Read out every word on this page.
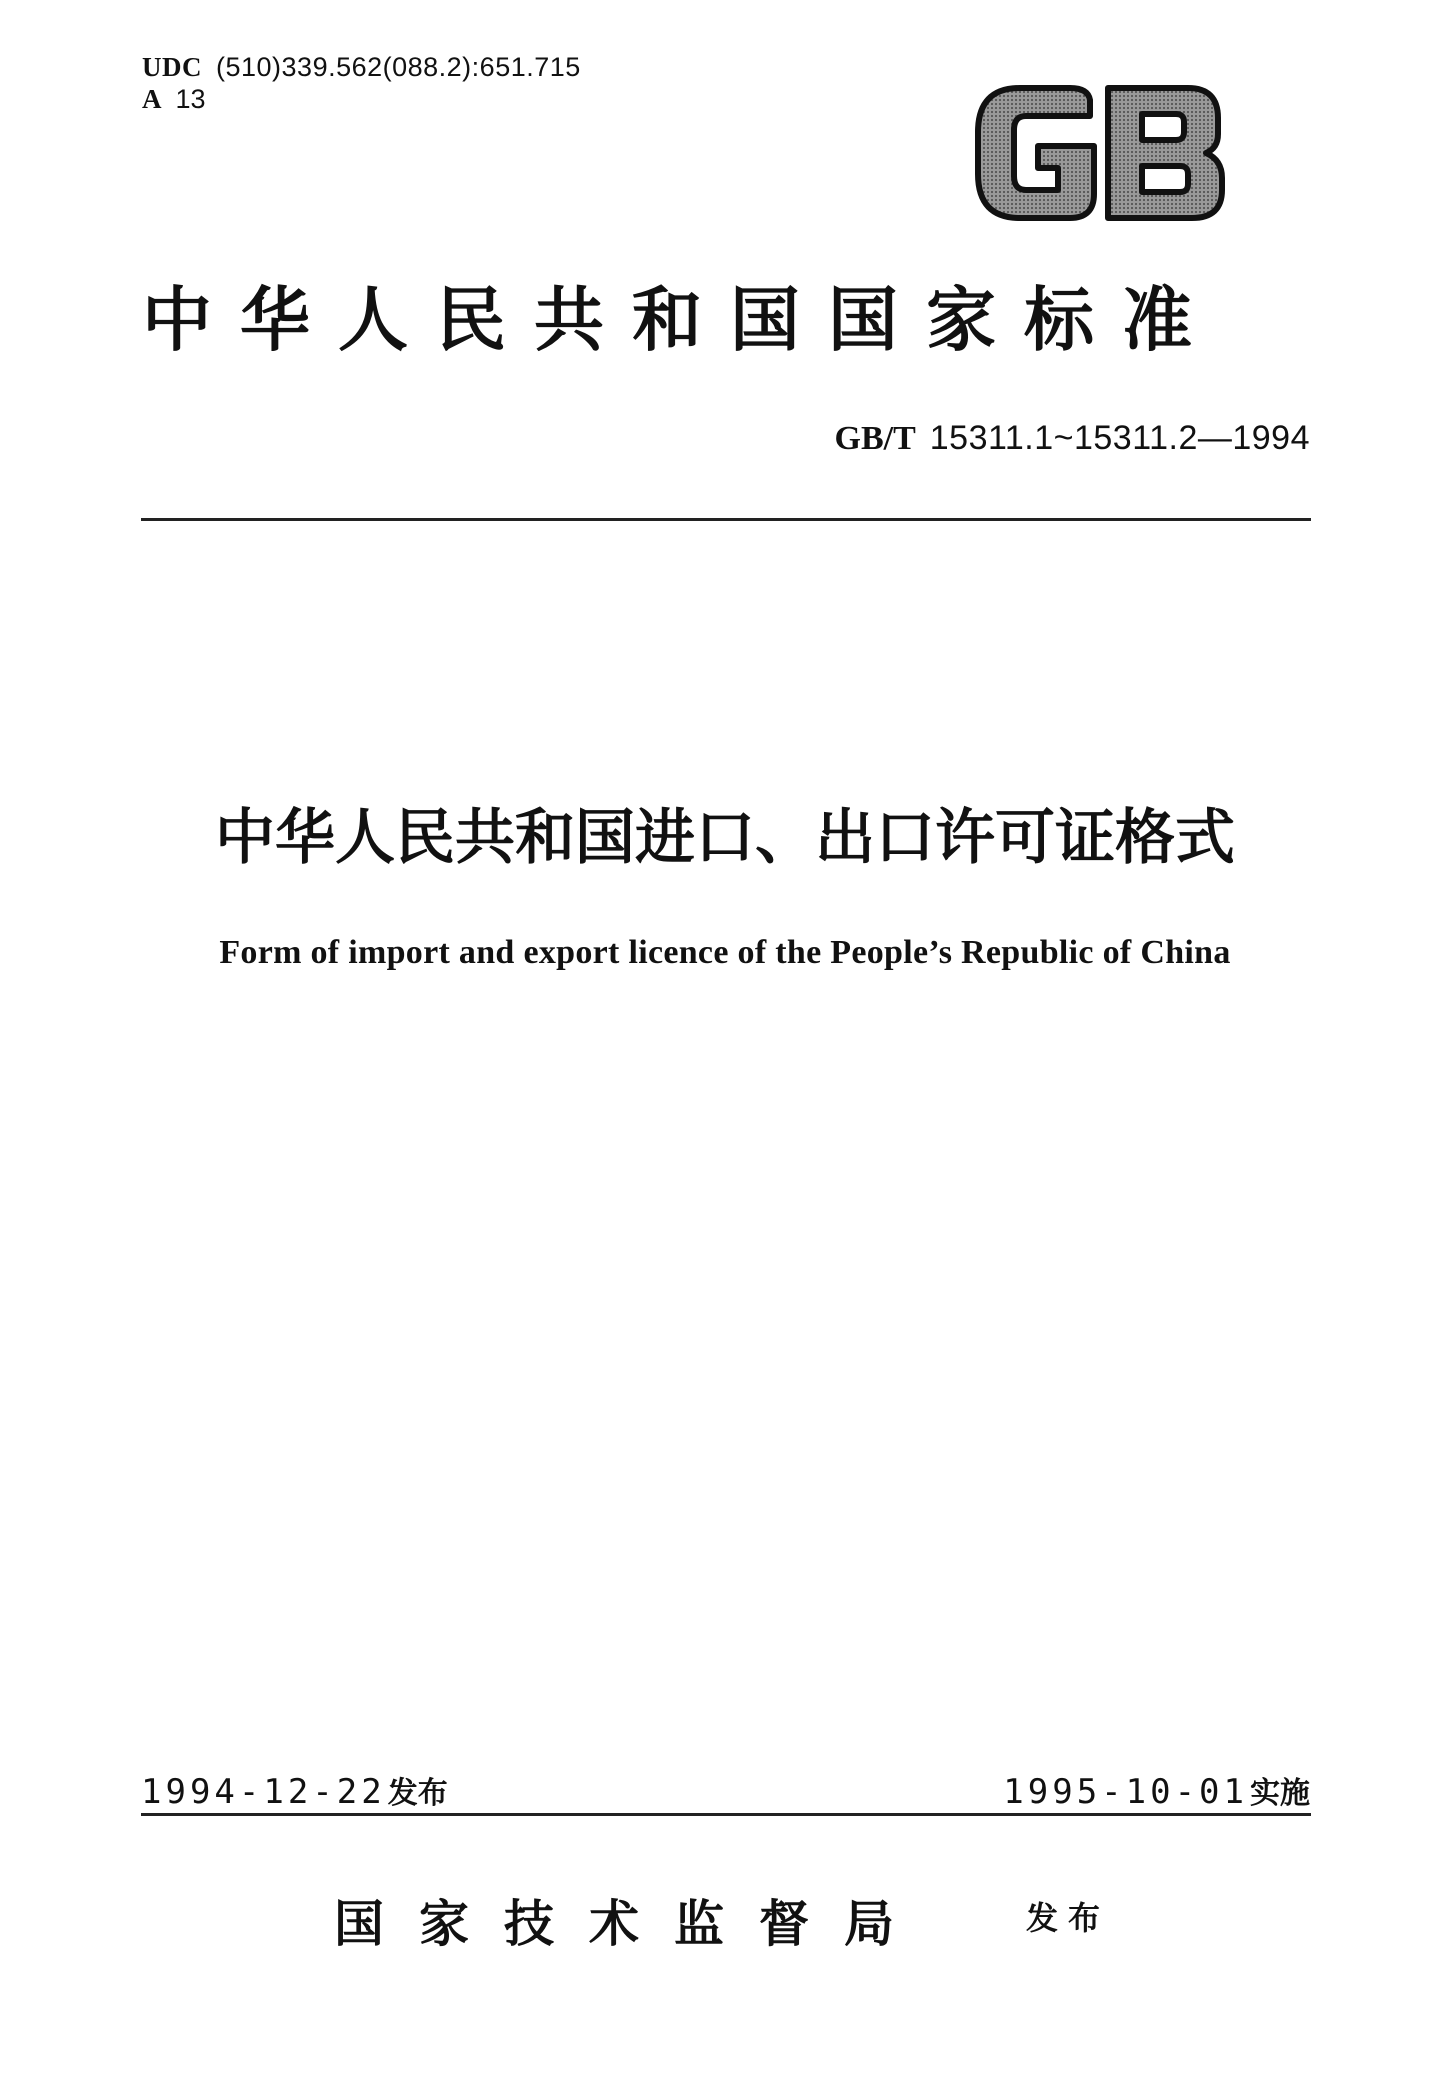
UDC (510)339.562(088.2):651.715
A 13
中华人民共和国国家标准
GB/T 15311.1~15311.2—1994
中华人民共和国进口、出口许可证格式
Form of import and export licence of the People’s Republic of China
1994-12-22发布	1995-10-01实施
国家技术监督局	发布
